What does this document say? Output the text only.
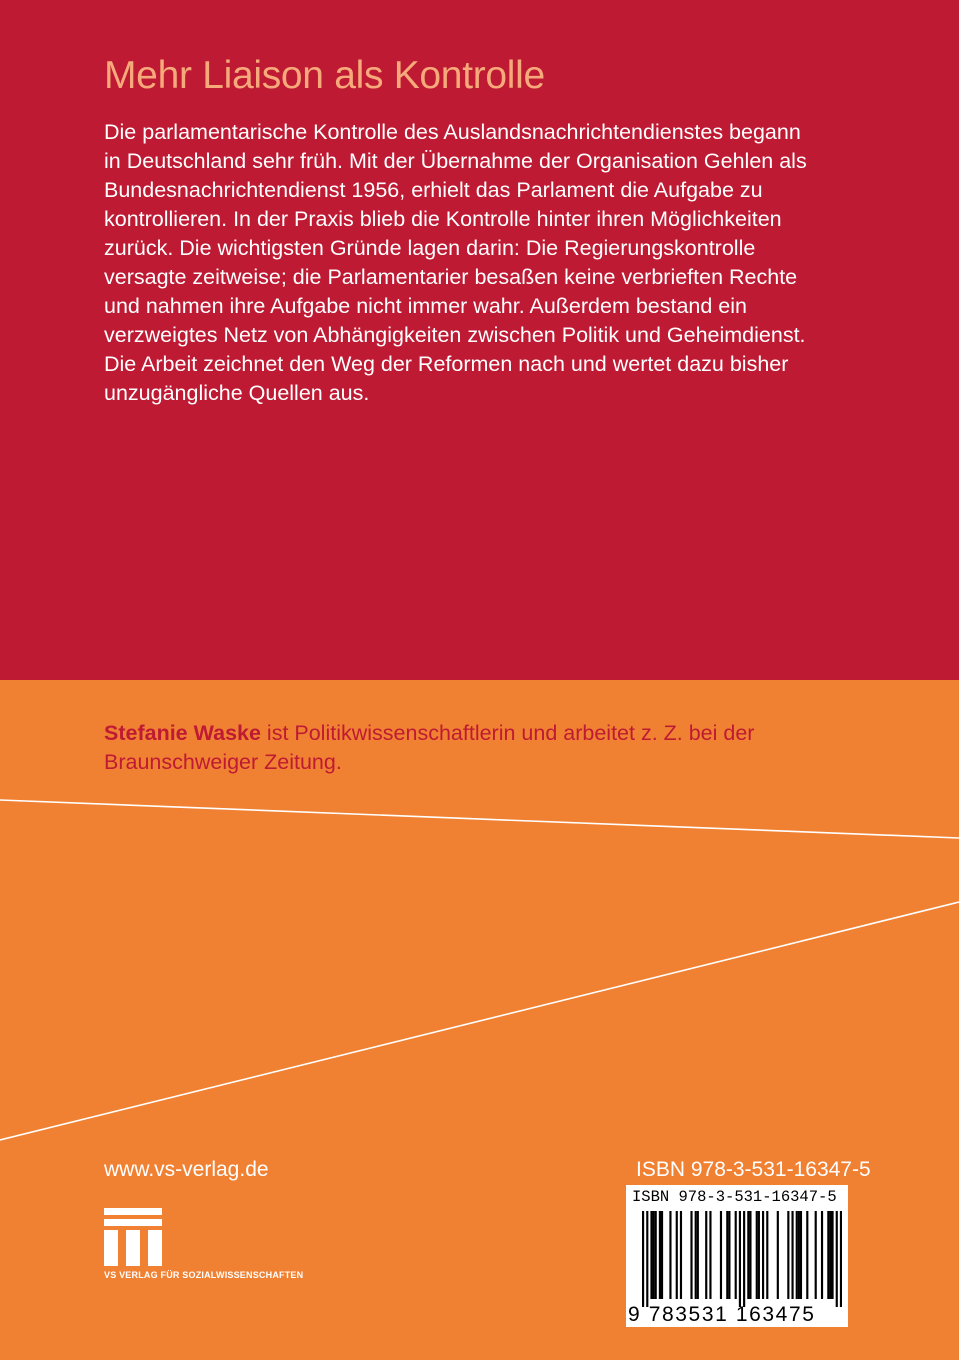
Mehr Liaison als Kontrolle
Die parlamentarische Kontrolle des Auslandsnachrichtendienstes begann
in Deutschland sehr früh. Mit der Übernahme der Organisation Gehlen als
Bundesnachrichtendienst 1956, erhielt das Parlament die Aufgabe zu
kontrollieren. In der Praxis blieb die Kontrolle hinter ihren Möglichkeiten
zurück. Die wichtigsten Gründe lagen darin: Die Regierungskontrolle
versagte zeitweise; die Parlamentarier besaßen keine verbrieften Rechte
und nahmen ihre Aufgabe nicht immer wahr. Außerdem bestand ein
verzweigtes Netz von Abhängigkeiten zwischen Politik und Geheimdienst.
Die Arbeit zeichnet den Weg der Reformen nach und wertet dazu bisher
unzugängliche Quellen aus.
Stefanie Waske ist Politikwissenschaftlerin und arbeitet z. Z. bei der
Braunschweiger Zeitung.
www.vs-verlag.de
VS VERLAG FÜR SOZIALWISSENSCHAFTEN
ISBN 978-3-531-16347-5
ISBN 978-3-531-16347-5
9 783531 163475
